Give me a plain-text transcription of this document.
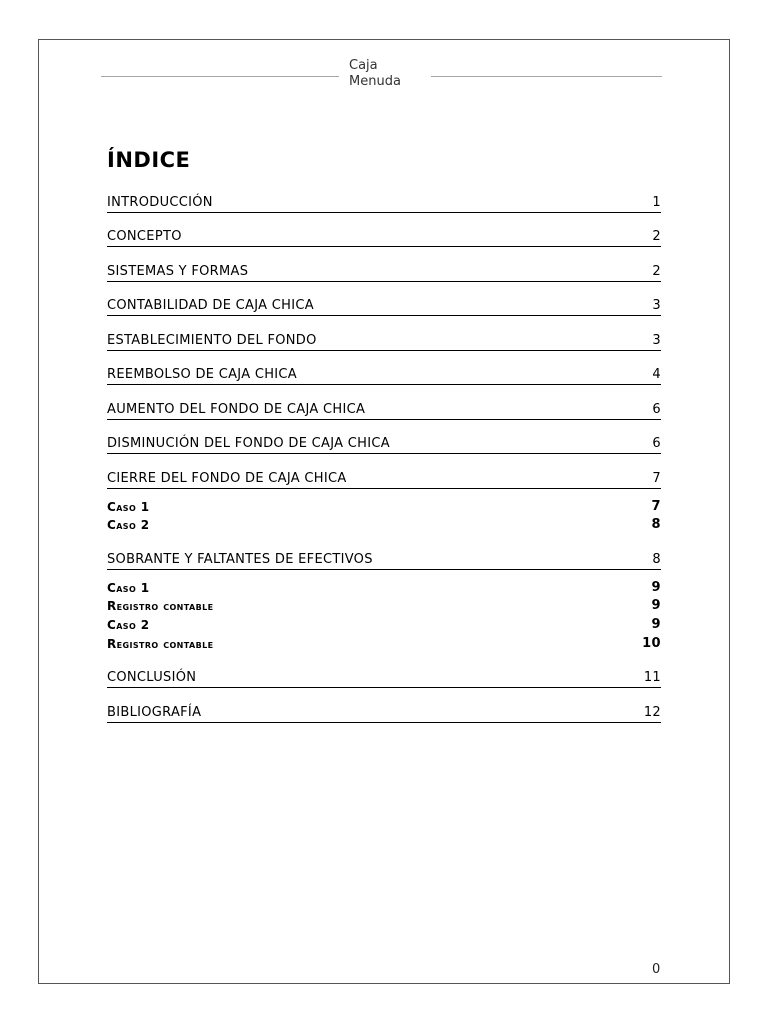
Caja
Menuda
ÍNDICE
INTRODUCCIÓN	1
CONCEPTO	2
SISTEMAS Y FORMAS	2
CONTABILIDAD DE CAJA CHICA	3
ESTABLECIMIENTO DEL FONDO	3
REEMBOLSO DE CAJA CHICA	4
AUMENTO DEL FONDO DE CAJA CHICA	6
DISMINUCIÓN DEL FONDO DE CAJA CHICA	6
CIERRE DEL FONDO DE CAJA CHICA	7
Caso 1	7
Caso 2	8
SOBRANTE Y FALTANTES DE EFECTIVOS	8
Caso 1	9
Registro contable	9
Caso 2	9
Registro contable	10
CONCLUSIÓN	11
BIBLIOGRAFÍA	12
0
